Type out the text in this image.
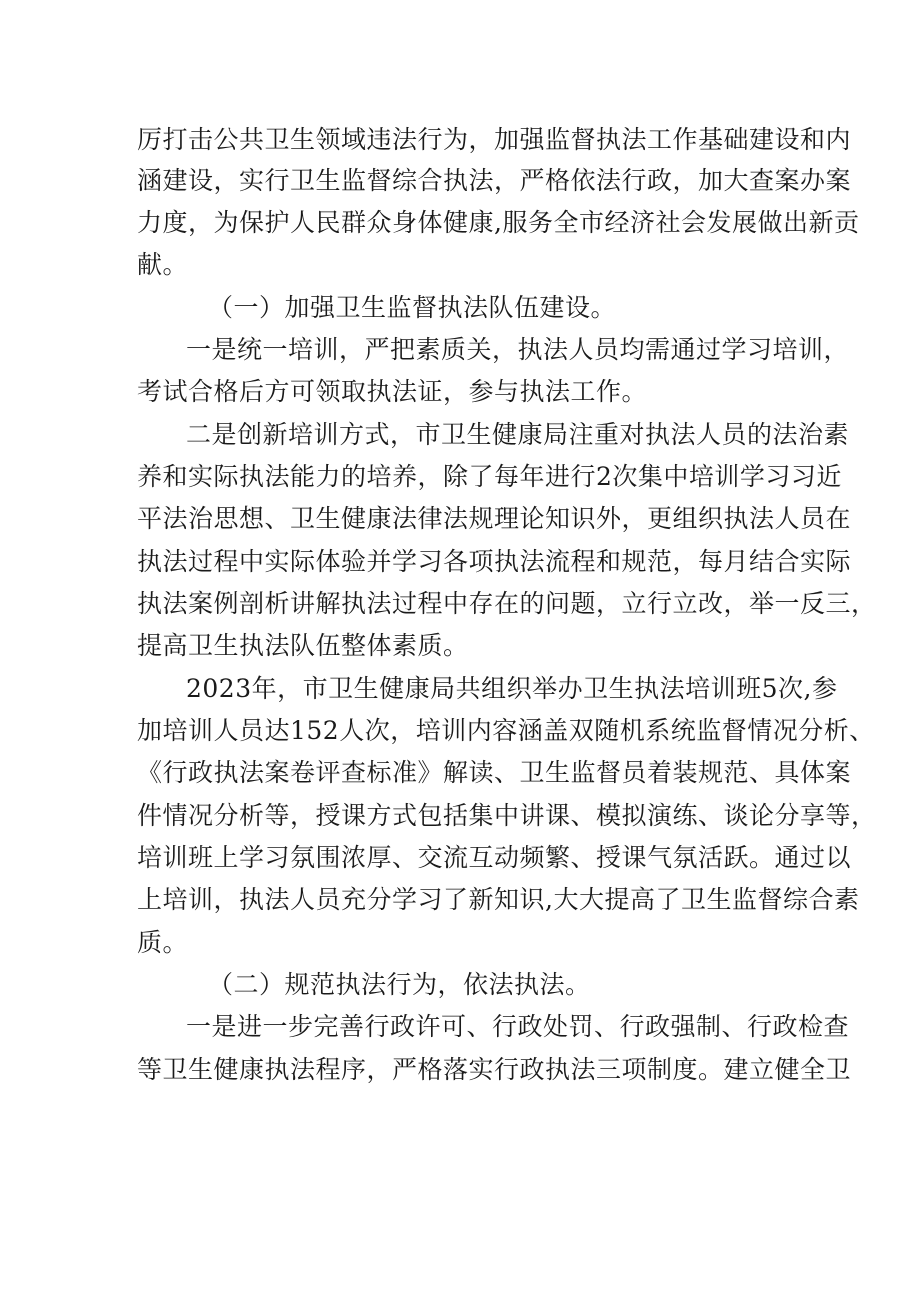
厉打击公共卫生领域违法行为，加强监督执法工作基础建设和内
涵建设，实行卫生监督综合执法，严格依法行政，加大查案办案
力度，为保护人民群众身体健康,服务全市经济社会发展做出新贡
献。
（一）加强卫生监督执法队伍建设。
一是统一培训，严把素质关，执法人员均需通过学习培训，
考试合格后方可领取执法证，参与执法工作。
二是创新培训方式，市卫生健康局注重对执法人员的法治素
养和实际执法能力的培养，除了每年进行2次集中培训学习习近
平法治思想、卫生健康法律法规理论知识外，更组织执法人员在
执法过程中实际体验并学习各项执法流程和规范，每月结合实际
执法案例剖析讲解执法过程中存在的问题，立行立改，举一反三，
提高卫生执法队伍整体素质。
2023年，市卫生健康局共组织举办卫生执法培训班5次,参
加培训人员达152人次，培训内容涵盖双随机系统监督情况分析、
《行政执法案卷评查标准》解读、卫生监督员着装规范、具体案
件情况分析等，授课方式包括集中讲课、模拟演练、谈论分享等，
培训班上学习氛围浓厚、交流互动频繁、授课气氛活跃。通过以
上培训，执法人员充分学习了新知识,大大提高了卫生监督综合素
质。
（二）规范执法行为，依法执法。
一是进一步完善行政许可、行政处罚、行政强制、行政检查
等卫生健康执法程序，严格落实行政执法三项制度。建立健全卫
